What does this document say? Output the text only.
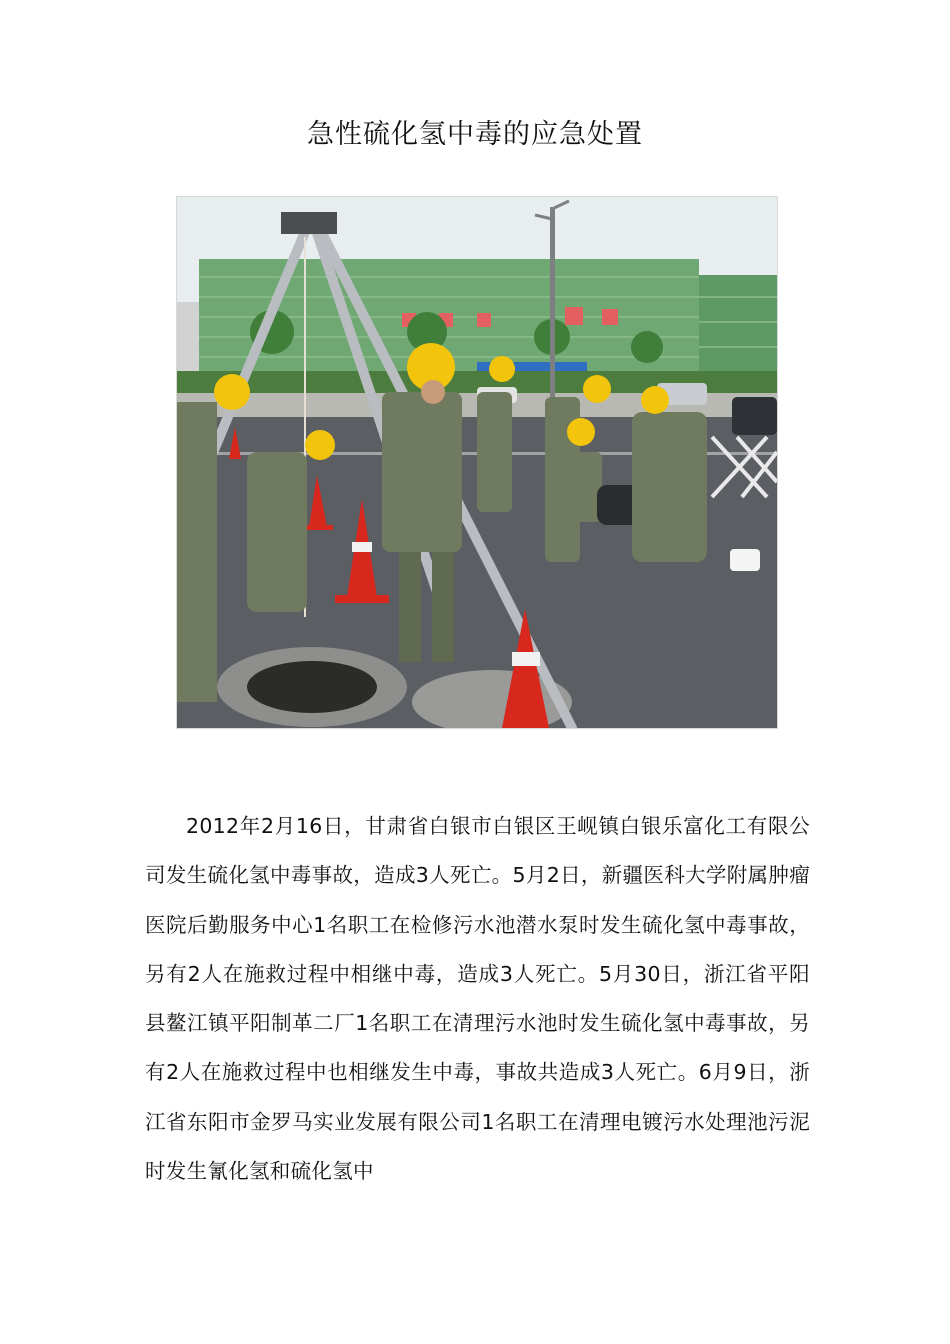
急性硫化氢中毒的应急处置

2012年2月16日，甘肃省白银市白银区王岘镇白银乐富化工有限公司发生硫化氢中毒事故，造成3人死亡。5月2日，新疆医科大学附属肿瘤医院后勤服务中心1名职工在检修污水池潜水泵时发生硫化氢中毒事故，另有2人在施救过程中相继中毒，造成3人死亡。5月30日，浙江省平阳县鳌江镇平阳制革二厂1名职工在清理污水池时发生硫化氢中毒事故，另有2人在施救过程中也相继发生中毒，事故共造成3人死亡。6月9日，浙江省东阳市金罗马实业发展有限公司1名职工在清理电镀污水处理池污泥时发生氰化氢和硫化氢中
